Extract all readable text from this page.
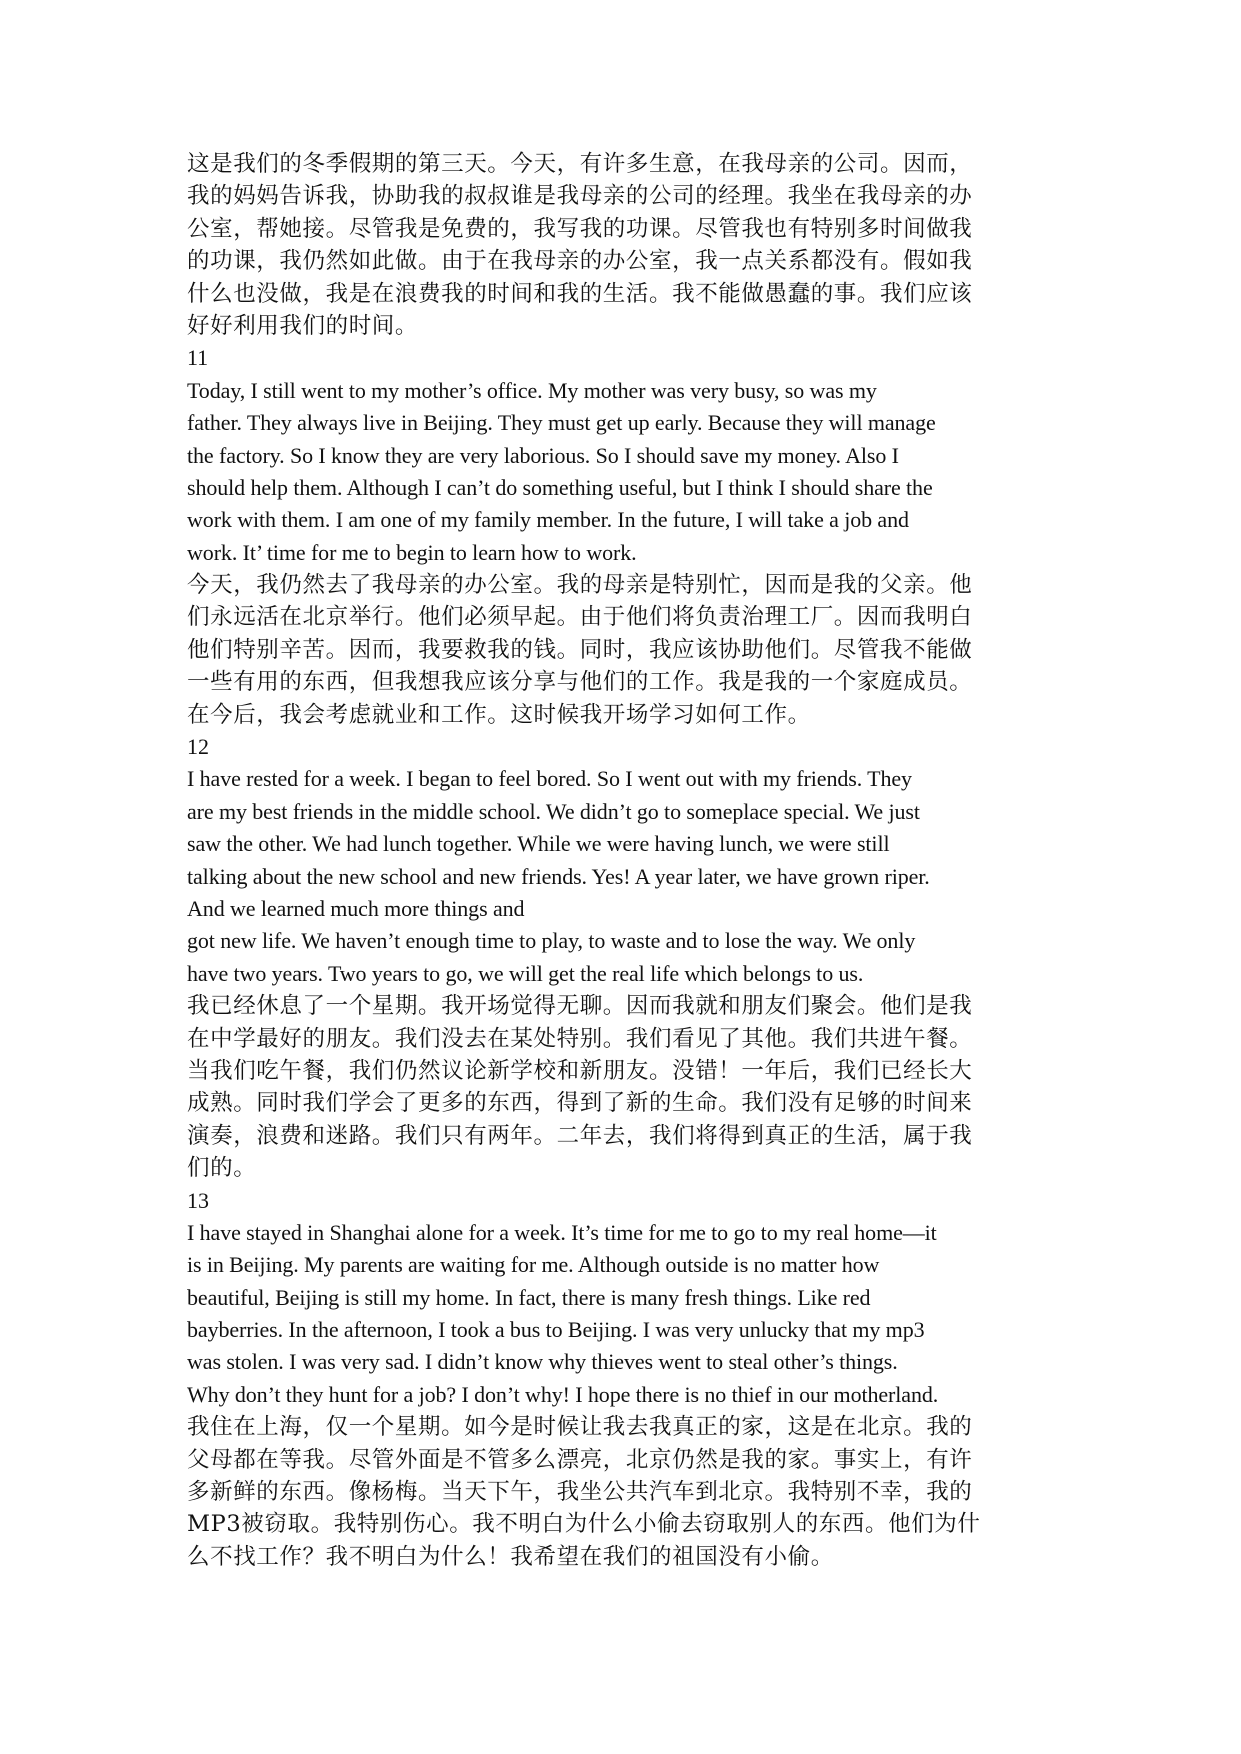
这是我们的冬季假期的第三天。今天，有许多生意，在我母亲的公司。因而，
我的妈妈告诉我，协助我的叔叔谁是我母亲的公司的经理。我坐在我母亲的办
公室，帮她接。尽管我是免费的，我写我的功课。尽管我也有特别多时间做我
的功课，我仍然如此做。由于在我母亲的办公室，我一点关系都没有。假如我
什么也没做，我是在浪费我的时间和我的生活。我不能做愚蠢的事。我们应该
好好利用我们的时间。
11
Today, I still went to my mother’s office. My mother was very busy, so was my
father. They always live in Beijing. They must get up early. Because they will manage
the factory. So I know they are very laborious. So I should save my money. Also I
should help them. Although I can’t do something useful, but I think I should share the
work with them. I am one of my family member. In the future, I will take a job and
work. It’ time for me to begin to learn how to work.
今天，我仍然去了我母亲的办公室。我的母亲是特别忙，因而是我的父亲。他
们永远活在北京举行。他们必须早起。由于他们将负责治理工厂。因而我明白
他们特别辛苦。因而，我要救我的钱。同时，我应该协助他们。尽管我不能做
一些有用的东西，但我想我应该分享与他们的工作。我是我的一个家庭成员。
在今后，我会考虑就业和工作。这时候我开场学习如何工作。
12
I have rested for a week. I began to feel bored. So I went out with my friends. They
are my best friends in the middle school. We didn’t go to someplace special. We just
saw the other. We had lunch together. While we were having lunch, we were still
talking about the new school and new friends. Yes! A year later, we have grown riper.
And we learned much more things and
got new life. We haven’t enough time to play, to waste and to lose the way. We only
have two years. Two years to go, we will get the real life which belongs to us.
我已经休息了一个星期。我开场觉得无聊。因而我就和朋友们聚会。他们是我
在中学最好的朋友。我们没去在某处特别。我们看见了其他。我们共进午餐。
当我们吃午餐，我们仍然议论新学校和新朋友。没错！一年后，我们已经长大
成熟。同时我们学会了更多的东西，得到了新的生命。我们没有足够的时间来
演奏，浪费和迷路。我们只有两年。二年去，我们将得到真正的生活，属于我
们的。
13
I have stayed in Shanghai alone for a week. It’s time for me to go to my real home—it
is in Beijing. My parents are waiting for me. Although outside is no matter how
beautiful, Beijing is still my home. In fact, there is many fresh things. Like red
bayberries. In the afternoon, I took a bus to Beijing. I was very unlucky that my mp3
was stolen. I was very sad. I didn’t know why thieves went to steal other’s things.
Why don’t they hunt for a job? I don’t why! I hope there is no thief in our motherland.
我住在上海，仅一个星期。如今是时候让我去我真正的家，这是在北京。我的
父母都在等我。尽管外面是不管多么漂亮，北京仍然是我的家。事实上，有许
多新鲜的东西。像杨梅。当天下午，我坐公共汽车到北京。我特别不幸，我的
MP3被窃取。我特别伤心。我不明白为什么小偷去窃取别人的东西。他们为什
么不找工作？我不明白为什么！我希望在我们的祖国没有小偷。
